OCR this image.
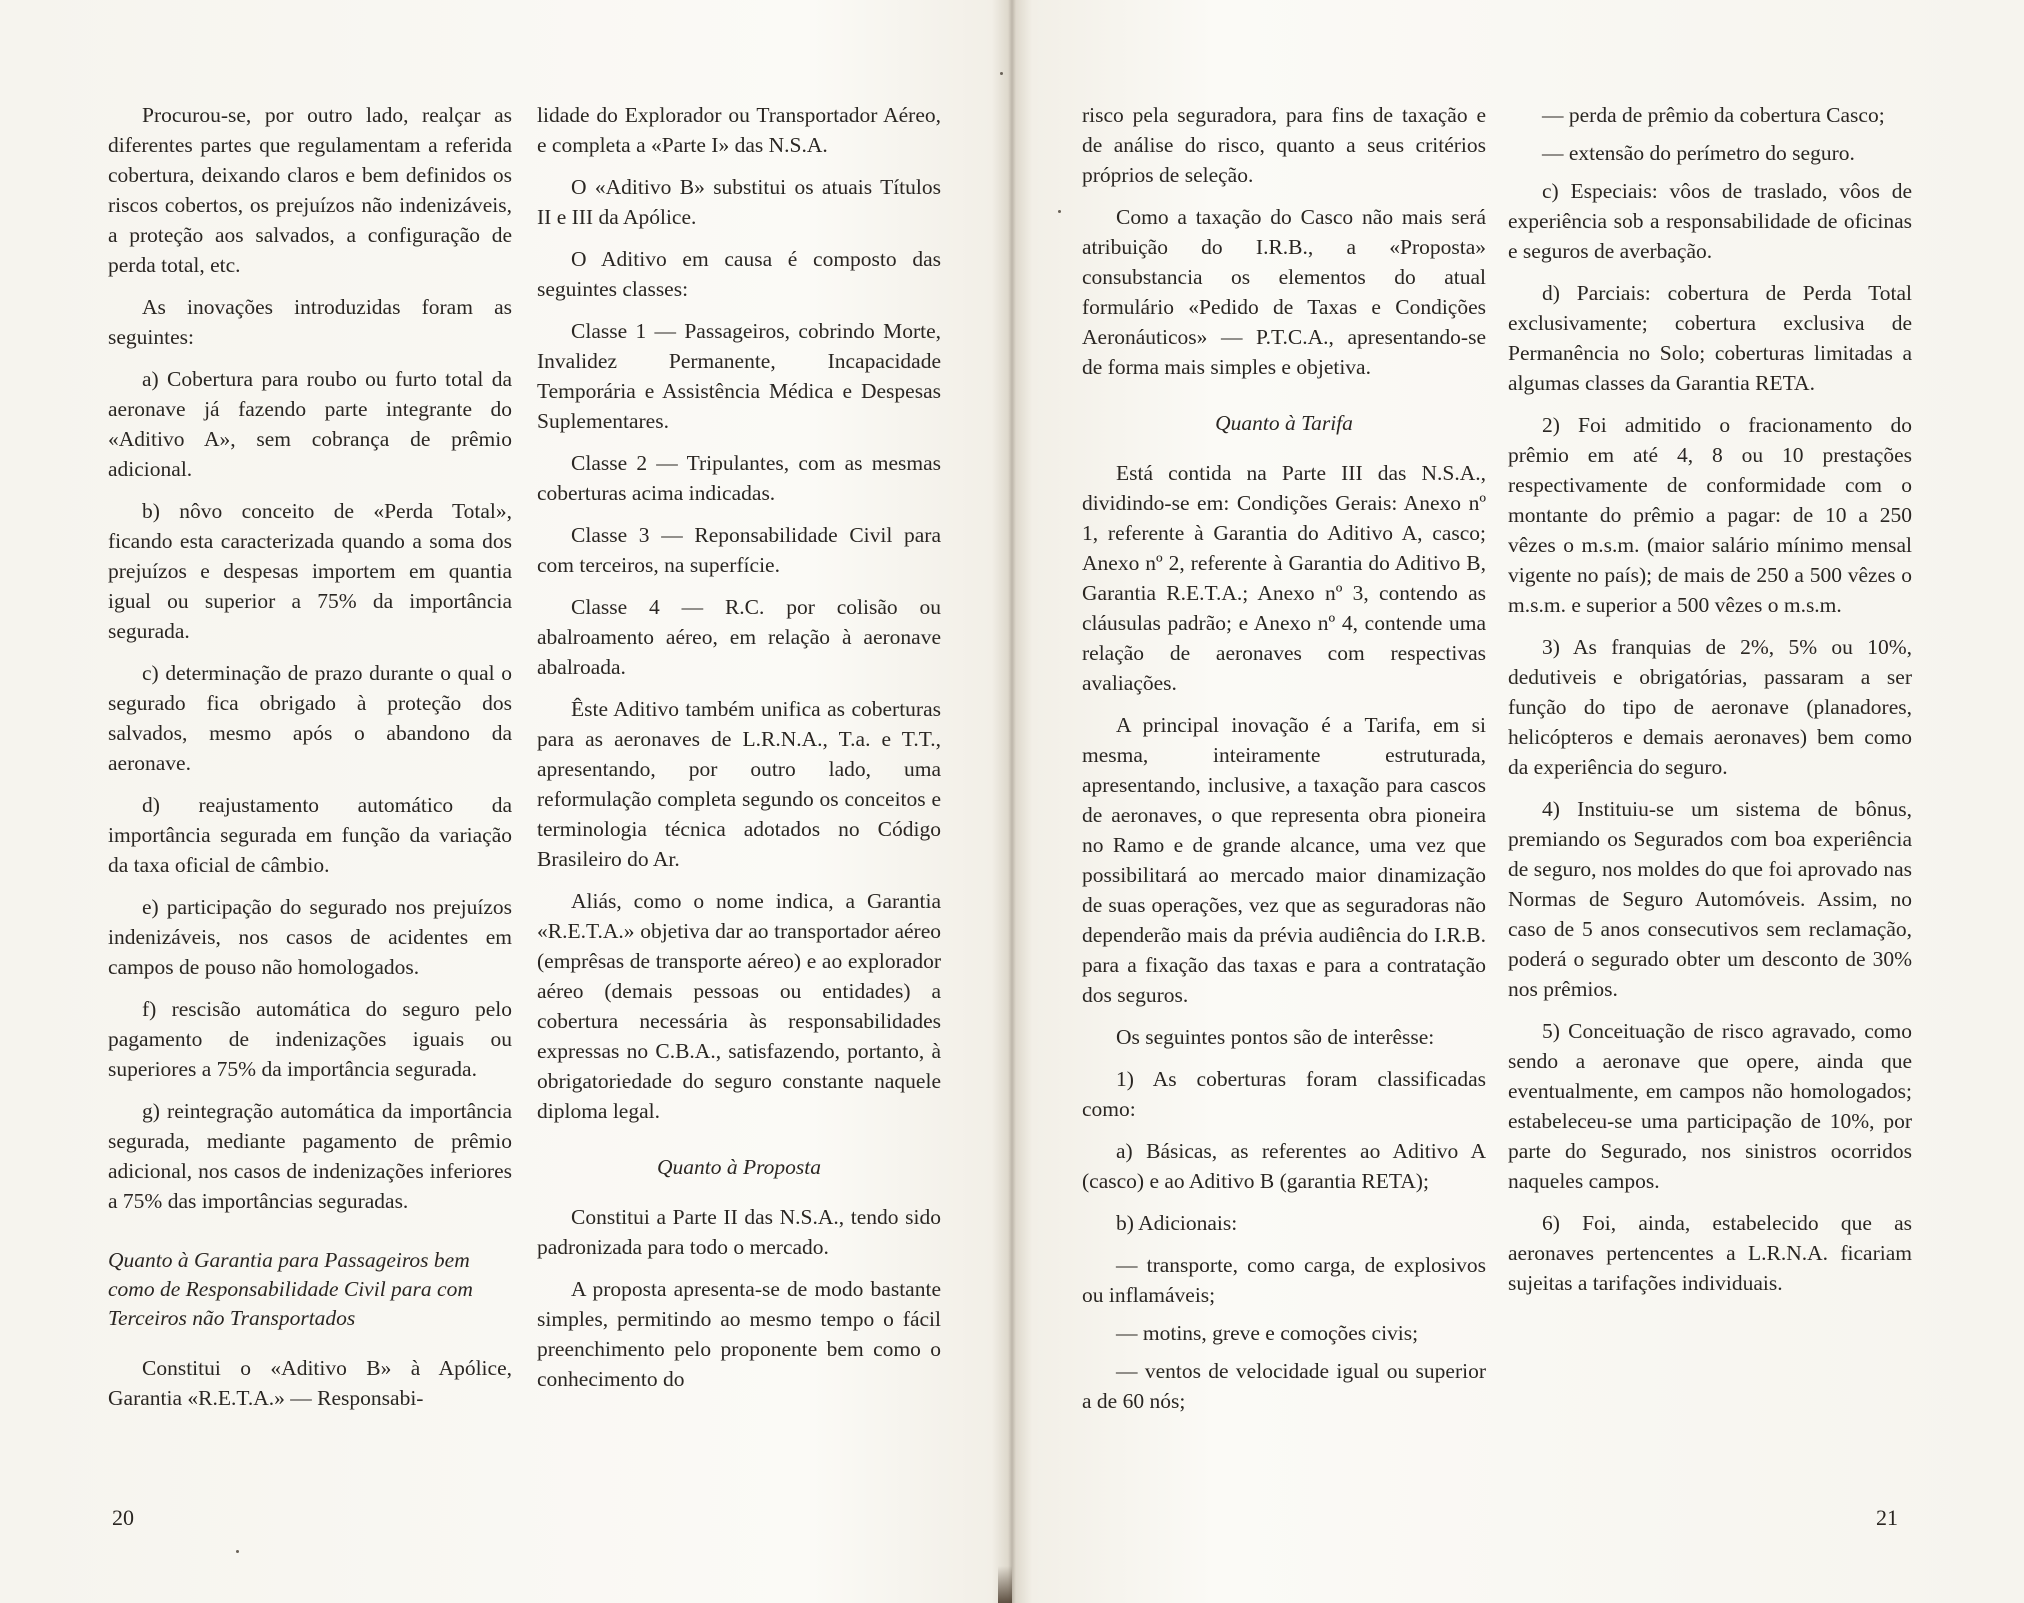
Procurou-se, por outro lado, realçar as diferentes partes que regulamentam a referida cobertura, deixando claros e bem definidos os riscos cobertos, os prejuízos não indenizáveis, a proteção aos salvados, a configuração de perda total, etc.

As inovações introduzidas foram as seguintes:

a) Cobertura para roubo ou furto total da aeronave já fazendo parte integrante do «Aditivo A», sem cobrança de prêmio adicional.

b) nôvo conceito de «Perda Total», ficando esta caracterizada quando a soma dos prejuízos e despesas importem em quantia igual ou superior a 75% da importância segurada.

c) determinação de prazo durante o qual o segurado fica obrigado à proteção dos salvados, mesmo após o abandono da aeronave.

d) reajustamento automático da importância segurada em função da variação da taxa oficial de câmbio.

e) participação do segurado nos prejuízos indenizáveis, nos casos de acidentes em campos de pouso não homologados.

f) rescisão automática do seguro pelo pagamento de indenizações iguais ou superiores a 75% da importância segurada.

g) reintegração automática da importância segurada, mediante pagamento de prêmio adicional, nos casos de indenizações inferiores a 75% das importâncias seguradas.

Quanto à Garantia para Passageiros bem como de Responsabilidade Civil para com Terceiros não Transportados

Constitui o «Aditivo B» à Apólice, Garantia «R.E.T.A.» — Responsabi-

lidade do Explorador ou Transportador Aéreo, e completa a «Parte I» das N.S.A.

O «Aditivo B» substitui os atuais Títulos II e III da Apólice.

O Aditivo em causa é composto das seguintes classes:

Classe 1 — Passageiros, cobrindo Morte, Invalidez Permanente, Incapacidade Temporária e Assistência Médica e Despesas Suplementares.

Classe 2 — Tripulantes, com as mesmas coberturas acima indicadas.

Classe 3 — Reponsabilidade Civil para com terceiros, na superfície.

Classe 4 — R.C. por colisão ou abalroamento aéreo, em relação à aeronave abalroada.

Êste Aditivo também unifica as coberturas para as aeronaves de L.R.N.A., T.a. e T.T., apresentando, por outro lado, uma reformulação completa segundo os conceitos e terminologia técnica adotados no Código Brasileiro do Ar.

Aliás, como o nome indica, a Garantia «R.E.T.A.» objetiva dar ao transportador aéreo (emprêsas de transporte aéreo) e ao explorador aéreo (demais pessoas ou entidades) a cobertura necessária às responsabilidades expressas no C.B.A., satisfazendo, portanto, à obrigatoriedade do seguro constante naquele diploma legal.

Quanto à Proposta

Constitui a Parte II das N.S.A., tendo sido padronizada para todo o mercado.

A proposta apresenta-se de modo bastante simples, permitindo ao mesmo tempo o fácil preenchimento pelo proponente bem como o conhecimento do

20

risco pela seguradora, para fins de taxação e de análise do risco, quanto a seus critérios próprios de seleção.

Como a taxação do Casco não mais será atribuição do I.R.B., a «Proposta» consubstancia os elementos do atual formulário «Pedido de Taxas e Condições Aeronáuticos» — P.T.C.A., apresentando-se de forma mais simples e objetiva.

Quanto à Tarifa

Está contida na Parte III das N.S.A., dividindo-se em: Condições Gerais: Anexo nº 1, referente à Garantia do Aditivo A, casco; Anexo nº 2, referente à Garantia do Aditivo B, Garantia R.E.T.A.; Anexo nº 3, contendo as cláusulas padrão; e Anexo nº 4, contende uma relação de aeronaves com respectivas avaliações.

A principal inovação é a Tarifa, em si mesma, inteiramente estruturada, apresentando, inclusive, a taxação para cascos de aeronaves, o que representa obra pioneira no Ramo e de grande alcance, uma vez que possibilitará ao mercado maior dinamização de suas operações, vez que as seguradoras não dependerão mais da prévia audiência do I.R.B. para a fixação das taxas e para a contratação dos seguros.

Os seguintes pontos são de interêsse:

1) As coberturas foram classificadas como:

a) Básicas, as referentes ao Aditivo A (casco) e ao Aditivo B (garantia RETA);

b) Adicionais:

— transporte, como carga, de explosivos ou inflamáveis;

— motins, greve e comoções civis;

— ventos de velocidade igual ou superior a de 60 nós;

— perda de prêmio da cobertura Casco;

— extensão do perímetro do seguro.

c) Especiais: vôos de traslado, vôos de experiência sob a responsabilidade de oficinas e seguros de averbação.

d) Parciais: cobertura de Perda Total exclusivamente; cobertura exclusiva de Permanência no Solo; coberturas limitadas a algumas classes da Garantia RETA.

2) Foi admitido o fracionamento do prêmio em até 4, 8 ou 10 prestações respectivamente de conformidade com o montante do prêmio a pagar: de 10 a 250 vêzes o m.s.m. (maior salário mínimo mensal vigente no país); de mais de 250 a 500 vêzes o m.s.m. e superior a 500 vêzes o m.s.m.

3) As franquias de 2%, 5% ou 10%, dedutiveis e obrigatórias, passaram a ser função do tipo de aeronave (planadores, helicópteros e demais aeronaves) bem como da experiência do seguro.

4) Instituiu-se um sistema de bônus, premiando os Segurados com boa experiência de seguro, nos moldes do que foi aprovado nas Normas de Seguro Automóveis. Assim, no caso de 5 anos consecutivos sem reclamação, poderá o segurado obter um desconto de 30% nos prêmios.

5) Conceituação de risco agravado, como sendo a aeronave que opere, ainda que eventualmente, em campos não homologados; estabeleceu-se uma participação de 10%, por parte do Segurado, nos sinistros ocorridos naqueles campos.

6) Foi, ainda, estabelecido que as aeronaves pertencentes a L.R.N.A. ficariam sujeitas a tarifações individuais.

21
